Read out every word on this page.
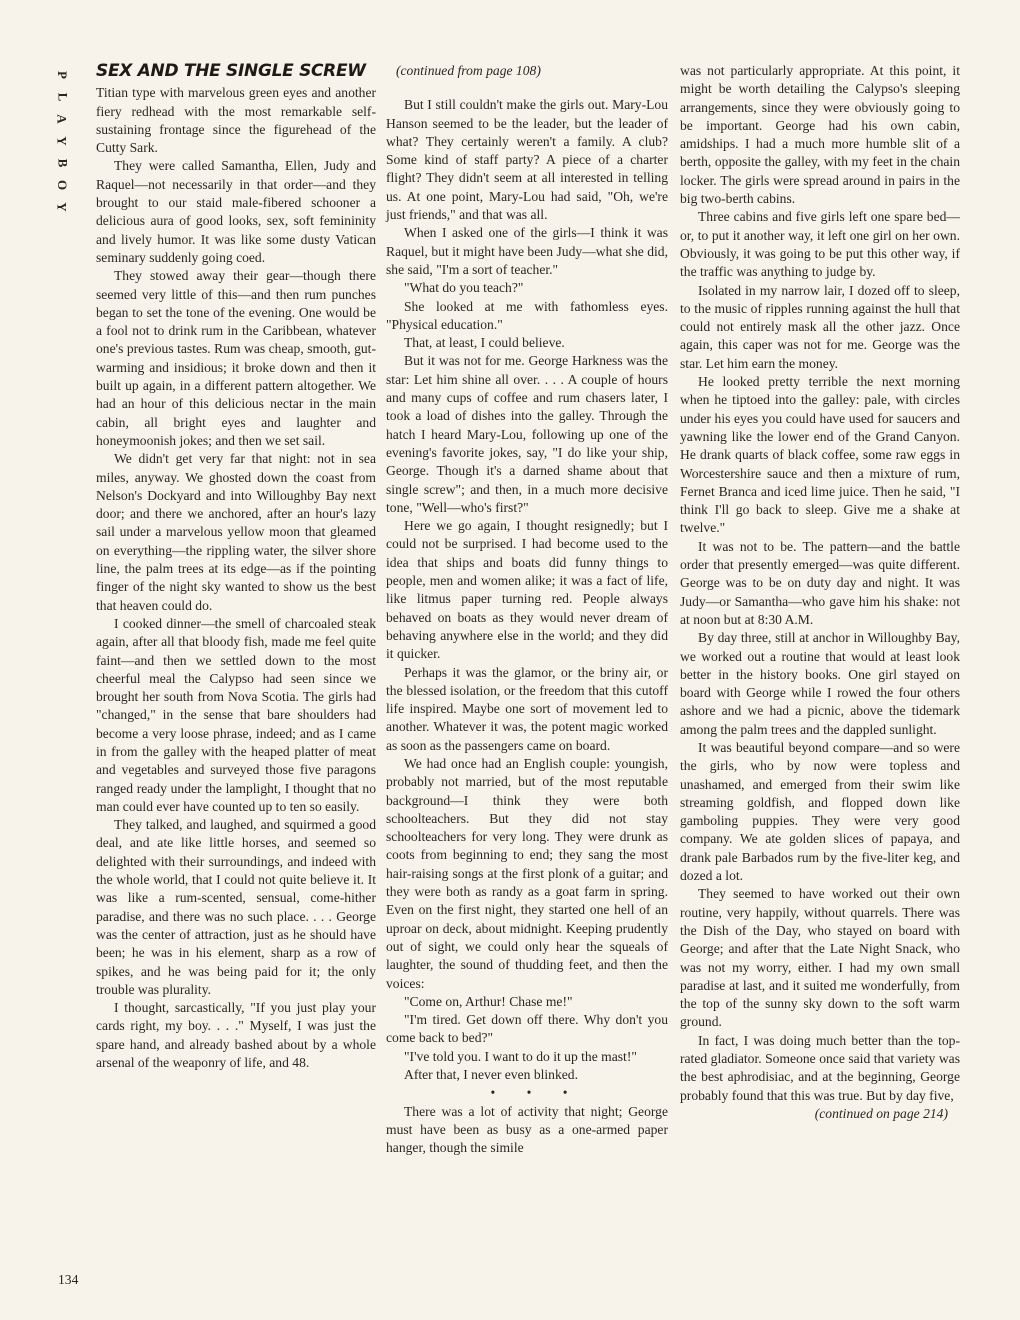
P
L
A
Y
B
O
Y
SEX AND THE SINGLE SCREW

Titian type with marvelous green eyes and another fiery redhead with the most remarkable self-sustaining frontage since the figurehead of the Cutty Sark.

They were called Samantha, Ellen, Judy and Raquel—not necessarily in that order—and they brought to our staid male-fibered schooner a delicious aura of good looks, sex, soft femininity and lively humor. It was like some dusty Vatican seminary suddenly going coed.

They stowed away their gear—though there seemed very little of this—and then rum punches began to set the tone of the evening. One would be a fool not to drink rum in the Caribbean, whatever one's previous tastes. Rum was cheap, smooth, gut-warming and insidious; it broke down and then it built up again, in a different pattern altogether. We had an hour of this delicious nectar in the main cabin, all bright eyes and laughter and honeymoonish jokes; and then we set sail.

We didn't get very far that night: not in sea miles, anyway. We ghosted down the coast from Nelson's Dockyard and into Willoughby Bay next door; and there we anchored, after an hour's lazy sail under a marvelous yellow moon that gleamed on everything—the rippling water, the silver shore line, the palm trees at its edge—as if the pointing finger of the night sky wanted to show us the best that heaven could do.

I cooked dinner—the smell of charcoaled steak again, after all that bloody fish, made me feel quite faint—and then we settled down to the most cheerful meal the Calypso had seen since we brought her south from Nova Scotia. The girls had "changed," in the sense that bare shoulders had become a very loose phrase, indeed; and as I came in from the galley with the heaped platter of meat and vegetables and surveyed those five paragons ranged ready under the lamplight, I thought that no man could ever have counted up to ten so easily.

They talked, and laughed, and squirmed a good deal, and ate like little horses, and seemed so delighted with their surroundings, and indeed with the whole world, that I could not quite believe it. It was like a rum-scented, sensual, come-hither paradise, and there was no such place. . . . George was the center of attraction, just as he should have been; he was in his element, sharp as a row of spikes, and he was being paid for it; the only trouble was plurality.

I thought, sarcastically, "If you just play your cards right, my boy. . . ." Myself, I was just the spare hand, and already bashed about by a whole arsenal of the weaponry of life, and 48.

(continued from page 108)

But I still couldn't make the girls out. Mary-Lou Hanson seemed to be the leader, but the leader of what? They certainly weren't a family. A club? Some kind of staff party? A piece of a charter flight? They didn't seem at all interested in telling us. At one point, Mary-Lou had said, "Oh, we're just friends," and that was all.

When I asked one of the girls—I think it was Raquel, but it might have been Judy—what she did, she said, "I'm a sort of teacher."

"What do you teach?"

She looked at me with fathomless eyes. "Physical education."

That, at least, I could believe.

But it was not for me. George Harkness was the star: Let him shine all over. . . . A couple of hours and many cups of coffee and rum chasers later, I took a load of dishes into the galley. Through the hatch I heard Mary-Lou, following up one of the evening's favorite jokes, say, "I do like your ship, George. Though it's a darned shame about that single screw"; and then, in a much more decisive tone, "Well—who's first?"

Here we go again, I thought resignedly; but I could not be surprised. I had become used to the idea that ships and boats did funny things to people, men and women alike; it was a fact of life, like litmus paper turning red. People always behaved on boats as they would never dream of behaving anywhere else in the world; and they did it quicker.

Perhaps it was the glamor, or the briny air, or the blessed isolation, or the freedom that this cutoff life inspired. Maybe one sort of movement led to another. Whatever it was, the potent magic worked as soon as the passengers came on board.

We had once had an English couple: youngish, probably not married, but of the most reputable background—I think they were both schoolteachers. But they did not stay schoolteachers for very long. They were drunk as coots from beginning to end; they sang the most hair-raising songs at the first plonk of a guitar; and they were both as randy as a goat farm in spring. Even on the first night, they started one hell of an uproar on deck, about midnight. Keeping prudently out of sight, we could only hear the squeals of laughter, the sound of thudding feet, and then the voices:

"Come on, Arthur! Chase me!"

"I'm tired. Get down off there. Why don't you come back to bed?"

"I've told you. I want to do it up the mast!"

After that, I never even blinked.

• • •

There was a lot of activity that night; George must have been as busy as a one-armed paper hanger, though the simile

was not particularly appropriate. At this point, it might be worth detailing the Calypso's sleeping arrangements, since they were obviously going to be important. George had his own cabin, amidships. I had a much more humble slit of a berth, opposite the galley, with my feet in the chain locker. The girls were spread around in pairs in the big two-berth cabins.

Three cabins and five girls left one spare bed—or, to put it another way, it left one girl on her own. Obviously, it was going to be put this other way, if the traffic was anything to judge by.

Isolated in my narrow lair, I dozed off to sleep, to the music of ripples running against the hull that could not entirely mask all the other jazz. Once again, this caper was not for me. George was the star. Let him earn the money.

He looked pretty terrible the next morning when he tiptoed into the galley: pale, with circles under his eyes you could have used for saucers and yawning like the lower end of the Grand Canyon. He drank quarts of black coffee, some raw eggs in Worcestershire sauce and then a mixture of rum, Fernet Branca and iced lime juice. Then he said, "I think I'll go back to sleep. Give me a shake at twelve."

It was not to be. The pattern—and the battle order that presently emerged—was quite different. George was to be on duty day and night. It was Judy—or Samantha—who gave him his shake: not at noon but at 8:30 A.M.

By day three, still at anchor in Willoughby Bay, we worked out a routine that would at least look better in the history books. One girl stayed on board with George while I rowed the four others ashore and we had a picnic, above the tidemark among the palm trees and the dappled sunlight.

It was beautiful beyond compare—and so were the girls, who by now were topless and unashamed, and emerged from their swim like streaming goldfish, and flopped down like gamboling puppies. They were very good company. We ate golden slices of papaya, and drank pale Barbados rum by the five-liter keg, and dozed a lot.

They seemed to have worked out their own routine, very happily, without quarrels. There was the Dish of the Day, who stayed on board with George; and after that the Late Night Snack, who was not my worry, either. I had my own small paradise at last, and it suited me wonderfully, from the top of the sunny sky down to the soft warm ground.

In fact, I was doing much better than the top-rated gladiator. Someone once said that variety was the best aphrodisiac, and at the beginning, George probably found that this was true. But by day five,

(continued on page 214)
134
